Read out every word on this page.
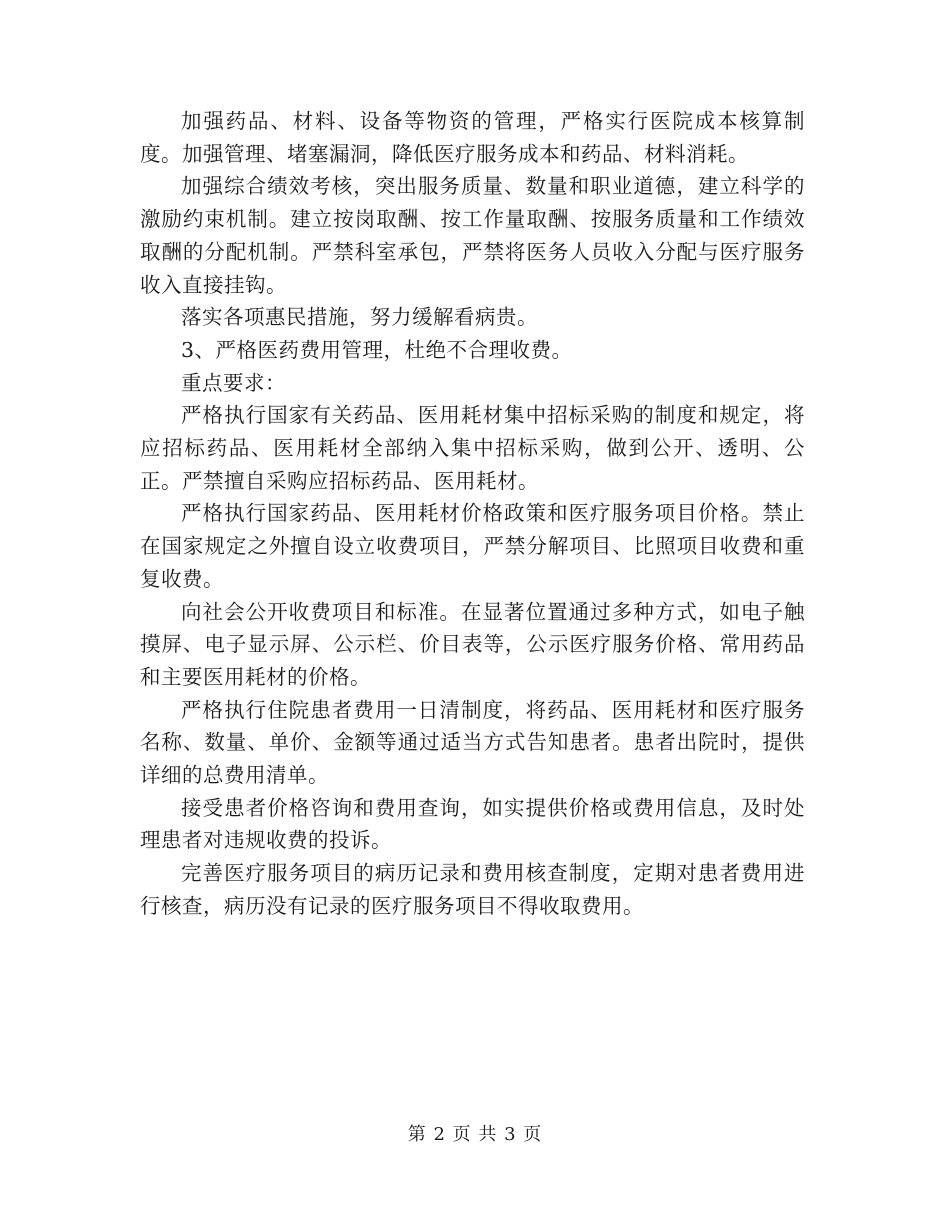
加强药品、材料、设备等物资的管理，严格实行医院成本核算制度。加强管理、堵塞漏洞，降低医疗服务成本和药品、材料消耗。

加强综合绩效考核，突出服务质量、数量和职业道德，建立科学的激励约束机制。建立按岗取酬、按工作量取酬、按服务质量和工作绩效取酬的分配机制。严禁科室承包，严禁将医务人员收入分配与医疗服务收入直接挂钩。

落实各项惠民措施，努力缓解看病贵。

3、严格医药费用管理，杜绝不合理收费。

重点要求：

严格执行国家有关药品、医用耗材集中招标采购的制度和规定，将应招标药品、医用耗材全部纳入集中招标采购，做到公开、透明、公正。严禁擅自采购应招标药品、医用耗材。

严格执行国家药品、医用耗材价格政策和医疗服务项目价格。禁止在国家规定之外擅自设立收费项目，严禁分解项目、比照项目收费和重复收费。

向社会公开收费项目和标准。在显著位置通过多种方式，如电子触摸屏、电子显示屏、公示栏、价目表等，公示医疗服务价格、常用药品和主要医用耗材的价格。

严格执行住院患者费用一日清制度，将药品、医用耗材和医疗服务名称、数量、单价、金额等通过适当方式告知患者。患者出院时，提供详细的总费用清单。

接受患者价格咨询和费用查询，如实提供价格或费用信息，及时处理患者对违规收费的投诉。

完善医疗服务项目的病历记录和费用核查制度，定期对患者费用进行核查，病历没有记录的医疗服务项目不得收取费用。

第 2 页 共 3 页
